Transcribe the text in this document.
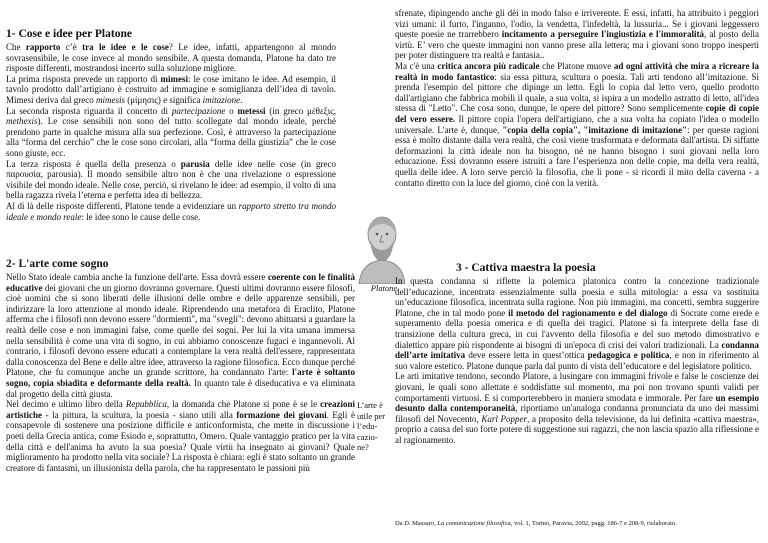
1- Cose e idee per Platone
Che rapporto c’è tra le idee e le cose? Le idee, infatti, appartengono al mondo sovrasensibile, le cose invece al mondo sensibile. A questa domanda, Platone ha dato tre risposte differenti, mostrandosi incerto sulla soluzione migliore.
La prima risposta prevede un rapporto di mimesi: le cose imitano le idee. Ad esempio, il tavolo prodotto dall’artigiano è costruito ad immagine e somiglianza dell’idea di tavolo. Mimesi deriva dal greco mimesis (μίμησις) e significa imitazione.
La seconda risposta riguarda il concetto di partecipazione o metessi (in greco μέθεξις, methexis). Le cose sensibili non sono del tutto scollegate dal mondo ideale, perché prendono parte in qualche misura alla sua perfezione. Così, è attraverso la partecipazione alla “forma del cerchio” che le cose sono circolari, alla “forma della giustizia” che le cose sono giuste, ecc.
La terza risposta è quella della presenza o parusia delle idee nelle cose (in greco παρουσία, parousia). Il mondo sensibile altro non è che una rivelazione o espressione visibile del mondo ideale. Nelle cose, perciò, si rivelano le idee: ad esempio, il volto di una bella ragazza rivela l’eterna e perfetta idea di bellezza.
Al di là delle risposte differenti, Platone tende a evidenziare un rapporto stretto tra mondo ideale e mondo reale: le idee sono le cause delle cose.
Platone
2- L'arte come sogno
Nello Stato ideale cambia anche la funzione dell'arte. Essa dovrà essere coerente con le finalità educative dei giovani che un giorno dovranno governare. Questi ultimi dovranno essere filosofi, cioè uomini che si sono liberati delle illusioni delle ombre e delle apparenze sensibili, per indirizzare la loro attenzione al mondo ideale. Riprendendo una metafora di Eraclito, Platone afferma che i filosofi non devono essere "dormienti", ma "svegli": devono abituarsi a guardare la realtà delle cose e non immagini false, come quelle dei sogni. Per lui la vita umana immersa nella sensibilità è come una vita di sogno, in cui abbiamo conoscenze fugaci e ingannevoli. Al contrario, i filosofi devono essere educati a contemplare la vera realtà dell'essere, rappresentata dalla conoscenza del Bene e delle altre idee, attraverso la ragione filosofica. Ecco dunque perché Platone, che fu comunque anche un grande scrittore, ha condannato l'arte: l'arte è soltanto sogno, copia sbiadita e deformante della realtà. In quanto tale è diseducativa e va eliminata dal progetto della città giusta.
Nel decimo e ultimo libro della Repubblica, la domanda che Platone si pone è se le creazioni artistiche - la pittura, la scultura, la poesia - siano utili alla formazione dei giovani. Egli è consapevole di sostenere una posizione difficile e anticonformista, che mette in discussione i poeti della Grecia antica, come Esiodo e, soprattutto, Omero. Quale vantaggio pratico per la vita della città e dell'anima ha avuto la sua poesia? Quale virtù ha insegnato ai giovani? Quale miglioramento ha prodotto nella vita sociale? La risposta è chiara: egli è stato soltanto un grande creatore di fantasmi, un illusionista della parola, che ha rappresentato le passioni più
L’arte è utile per l’edu-cazio-ne?
sfrenate, dipingendo anche gli dèi in modo falso e irriverente. E essi, infatti, ha attribuito i peggiori vizi umani: il furto, l'inganno, l'odio, la vendetta, l'infedeltà, la lussuria... Se i giovani leggessero queste poesie ne trarrebbero incitamento a perseguire l'ingiustizia e l'immoralità, al posto della virtù. E’ vero che queste immagini non vanno prese alla lettera; ma i giovani sono troppo inesperti per poter distinguere tra realtà e fantasia..
Ma c'è una critica ancora più radicale che Platone muove ad ogni attività che mira a ricreare la realtà in modo fantastico: sia essa pittura, scultura o poesia. Tali arti tendono all’imitazione. Si prenda l'esempio del pittore che dipinge un letto. Egli lo copia dal letto vero, quello prodotto dall'artigiano che fabbrica mobili il quale, a sua volta, si ispira a un modello astratto di letto, all'idea stessa di "Letto". Che cosa sono, dunque, le opere del pittore? Sono semplicemente copie di copie del vero essere. Il pittore copia l'opera dell'artigiano, che a sua volta ha copiato l'idea o modello universale. L'arte è, dunque, "copia della copia", "imitazione di imitazione": per queste ragioni essa è molto distante dalla vera realtà, che così viene trasformata e deformata dall'artista. Di siffatte deformazioni la città ideale non ha bisogno, né ne hanno bisogno i suoi giovani nella loro educazione. Essi dovranno essere istruiti a fare l’esperienza non delle copie, ma della vera realtà, quella delle idee. A loro serve perciò la filosofia, che li pone - si ricordi il mito della caverna - a contatto diretto con la luce del giorno, cioè con la verità.
3 - Cattiva maestra la poesia
In questa condanna si riflette la polemica platonica contro la concezione tradizionale dell’educazione, incentrata essenzialmente sulla poesia e sulla mitologia: a essa va sostituita un’educazione filosofica, incentrata sulla ragione. Non più immagini, ma concetti, sembra suggerire Platone, che in tal modo pone il metodo del ragionamento e del dialogo di Socrate come erede e superamento della poesia omerica e di quella dei tragici. Platone si fa interprete della fase di transizione della cultura greca, in cui l'avvento della filosofia e del suo metodo dimostrativo e dialettico appare più rispondente ai bisogni di un'epoca di crisi dei valori tradizionali. La condanna dell’arte imitativa deve essere letta in quest’ottica pedagogica e politica, e non in riferimento al suo valore estetico. Platone dunque parla dal punto di vista dell’educatore e del legislatore politico.
Le arti imitative tendono, secondo Platore, a lusingare con immagini frivole e false le coscienze dei giovani, le quali sono allettate e soddisfatte sul momento, ma poi non trovano spunti validi per comportamenti virtuosi. E si comporterebbero in maniera smodata e immorale. Per fare un esempio desunto dalla contemporaneità, riportiamo un'analoga condanna pronunciata da uno dei massimi filosofi del Novecento, Karl Popper, a proposito della televisione, da lui definita «cattiva maestra», proprio a causa del suo forte potere di suggestione sui ragazzi, che non lascia spazio alla riflessione e al ragionamento.
Da D. Massaro, La comunicazione filosofica, vol. 1, Torino, Paravia, 2002, pagg. 186-7 e 208-9, rielaborato.
